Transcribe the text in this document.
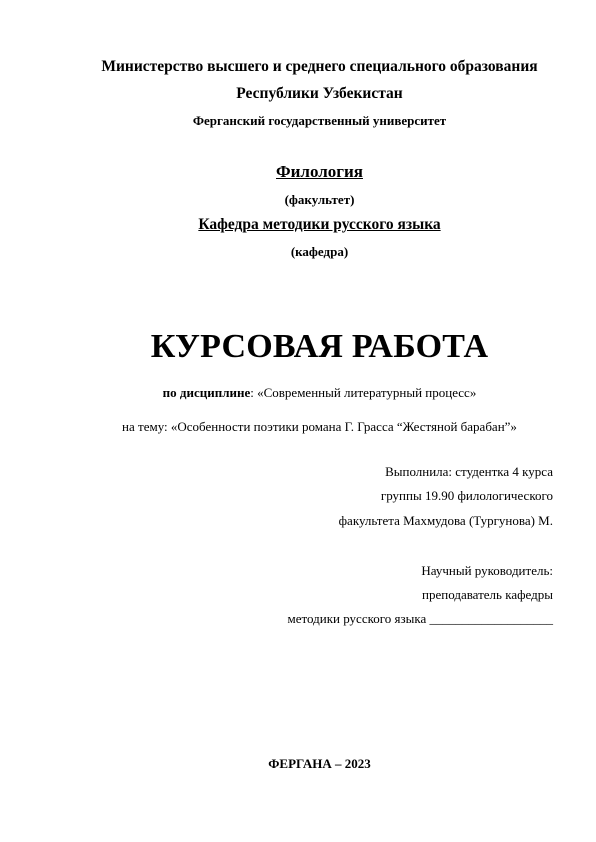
Министерство высшего и среднего специального образования
Республики Узбекистан
Ферганский государственный университет
Филология
(факультет)
Кафедра методики русского языка
(кафедра)
КУРСОВАЯ РАБОТА
по дисциплине: «Современный литературный процесс»
на тему: «Особенности поэтики романа Г. Грасса “Жестяной барабан”»
Выполнила: студентка 4 курса
группы 19.90 филологического
факультета Махмудова (Тургунова) М.
Научный руководитель:
преподаватель кафедры
методики русского языка ___________________
ФЕРГАНА – 2023
